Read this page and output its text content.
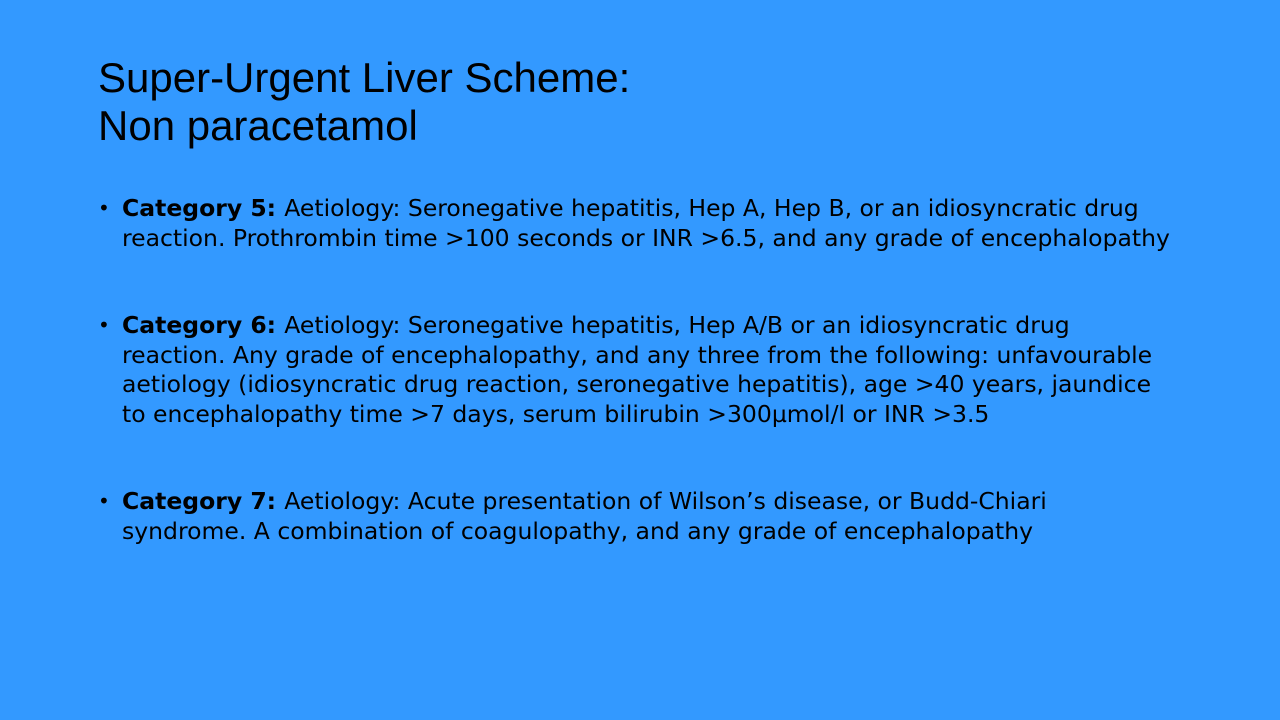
Super-Urgent Liver Scheme:
Non paracetamol
• Category 5: Aetiology: Seronegative hepatitis, Hep A, Hep B, or an idiosyncratic drug reaction. Prothrombin time >100 seconds or INR >6.5, and any grade of encephalopathy
• Category 6: Aetiology: Seronegative hepatitis, Hep A/B or an idiosyncratic drug reaction. Any grade of encephalopathy, and any three from the following: unfavourable aetiology (idiosyncratic drug reaction, seronegative hepatitis), age >40 years, jaundice to encephalopathy time >7 days, serum bilirubin >300µmol/l or INR >3.5
• Category 7: Aetiology: Acute presentation of Wilson’s disease, or Budd-Chiari syndrome. A combination of coagulopathy, and any grade of encephalopathy
